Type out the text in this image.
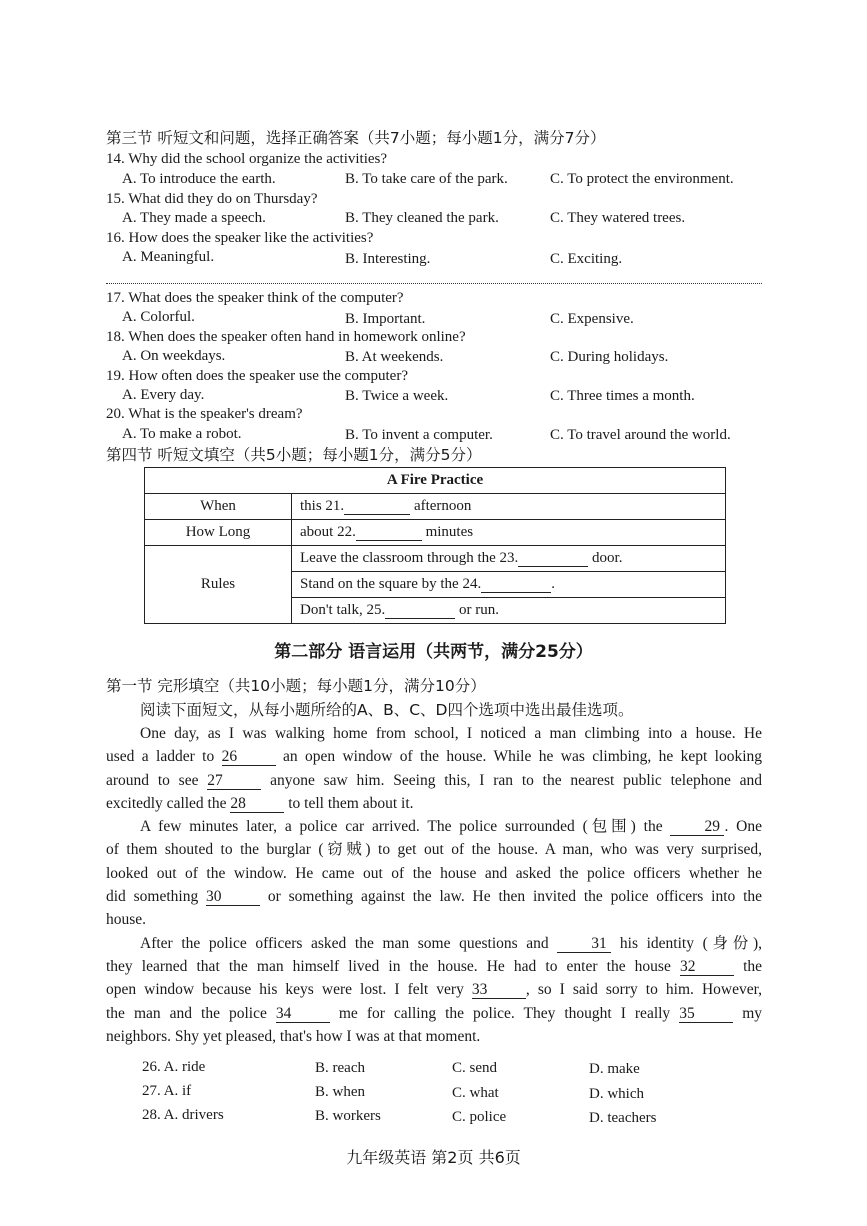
第三节 听短文和问题，选择正确答案（共7小题；每小题1分，满分7分）
14. Why did the school organize the activities?
A. To introduce the earth.	B. To take care of the park.	C. To protect the environment.
15. What did they do on Thursday?
A. They made a speech.	B. They cleaned the park.	C. They watered trees.
16. How does the speaker like the activities?
A. Meaningful.	B. Interesting.	C. Exciting.
17. What does the speaker think of the computer?
A. Colorful.	B. Important.	C. Expensive.
18. When does the speaker often hand in homework online?
A. On weekdays.	B. At weekends.	C. During holidays.
19. How often does the speaker use the computer?
A. Every day.	B. Twice a week.	C. Three times a month.
20. What is the speaker's dream?
A. To make a robot.	B. To invent a computer.	C. To travel around the world.
第四节 听短文填空（共5小题；每小题1分，满分5分）
A Fire Practice	
When	this 21. afternoon
How Long	about 22. minutes
Rules	Leave the classroom through the 23. door.
	Stand on the square by the 24. .
	Don't talk, 25. or run.
第二部分 语言运用（共两节，满分25分）
第一节 完形填空（共10小题；每小题1分，满分10分）
阅读下面短文，从每小题所给的A、B、C、D四个选项中选出最佳选项。

One day, as I was walking home from school, I noticed a man climbing into a house. He

used a ladder to 26	an open window of the house. While he was climbing, he kept looking

around to see 27	anyone saw him. Seeing this, I ran to the nearest public telephone and

excitedly called the 28	to tell them about it.

A few minutes later, a police car arrived. The police surrounded (包围) the	29 . One

of them shouted to the burglar (窃贼) to get out of the house. A man, who was very surprised,

looked out of the window. He came out of the house and asked the police officers whether he

did something 30	or something against the law. He then invited the police officers into the

house.

After the police officers asked the man some questions and	31 his identity (身份),

they learned that the man himself lived in the house. He had to enter the house 32	the

open window because his keys were lost. I felt very 33 , so I said sorry to him. However,

the man and the police 34	me for calling the police. They thought I really 35	my

neighbors. Shy yet pleased, that's how I was at that moment.

26. A. ride	B. reach	C. send	D. make
27. A. if	B. when	C. what	D. which
28. A. drivers	B. workers	C. police	D. teachers
九年级英语 第2页 共6页
